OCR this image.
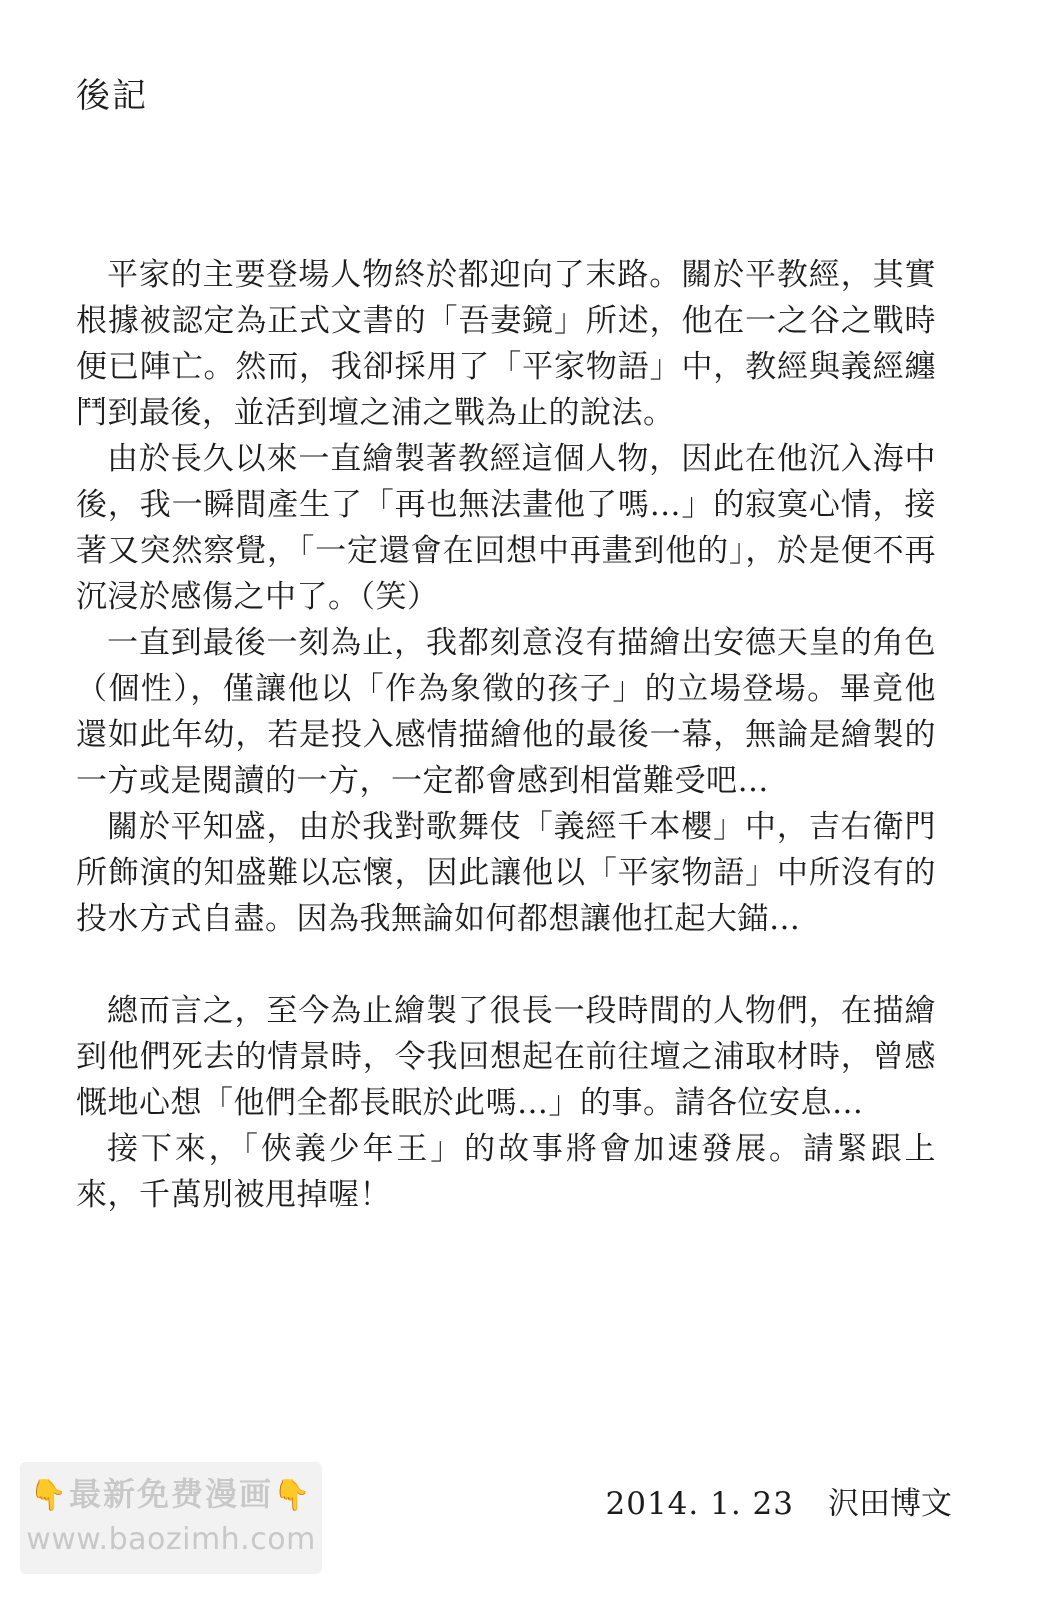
後記

平家的主要登場人物終於都迎向了末路。關於平教經，其實根據被認定為正式文書的「吾妻鏡」所述，他在一之谷之戰時便已陣亡。然而，我卻採用了「平家物語」中，教經與義經纏鬥到最後，並活到壇之浦之戰為止的說法。

由於長久以來一直繪製著教經這個人物，因此在他沉入海中後，我一瞬間產生了「再也無法畫他了嗎…」的寂寞心情，接著又突然察覺，「一定還會在回想中再畫到他的」，於是便不再沉浸於感傷之中了。（笑）

一直到最後一刻為止，我都刻意沒有描繪出安德天皇的角色（個性），僅讓他以「作為象徵的孩子」的立場登場。畢竟他還如此年幼，若是投入感情描繪他的最後一幕，無論是繪製的一方或是閱讀的一方，一定都會感到相當難受吧…

關於平知盛，由於我對歌舞伎「義經千本櫻」中，吉右衛門所飾演的知盛難以忘懷，因此讓他以「平家物語」中所沒有的投水方式自盡。因為我無論如何都想讓他扛起大錨…

總而言之，至今為止繪製了很長一段時間的人物們，在描繪到他們死去的情景時，令我回想起在前往壇之浦取材時，曾感慨地心想「他們全都長眠於此嗎…」的事。請各位安息…

接下來，「俠義少年王」的故事將會加速發展。請緊跟上來，千萬別被甩掉喔！

2014. 1. 23 沢田博文
👇最新免费漫画👇
www.baozimh.com
